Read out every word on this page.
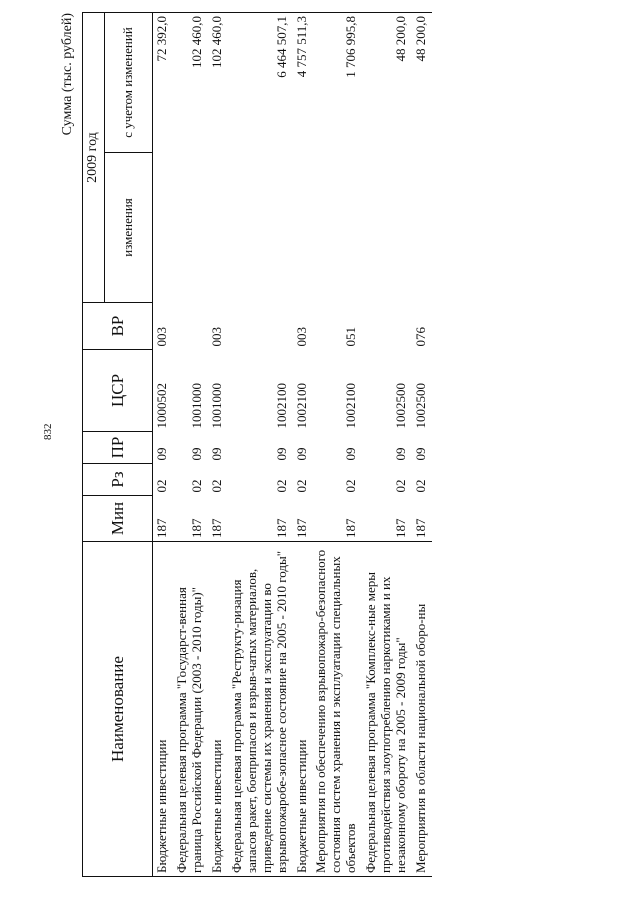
832
Сумма (тыс. рублей)
Наименование	Мин	Рз	ПР	ЦСР	ВР	2009 год	
						изменения	с учетом изменений
Бюджетные инвестиции	187	02	09	1000502	003		72 392,0
Федеральная целевая программа "Государст-венная граница Российской Федерации (2003 - 2010 годы)"	187	02	09	1001000			102 460,0
Бюджетные инвестиции	187	02	09	1001000	003		102 460,0
Федеральная целевая программа "Реструкту-ризация запасов ракет, боеприпасов и взрыв-чатых материалов, приведение системы их хранения и эксплуатации во взрывопожаробе-зопасное состояние на 2005 - 2010 годы"	187	02	09	1002100			6 464 507,1
Бюджетные инвестиции	187	02	09	1002100	003		4 757 511,3
Мероприятия по обеспечению взрывопожаро-безопасного состояния систем хранения и эксплуатации специальных объектов	187	02	09	1002100	051		1 706 995,8
Федеральная целевая программа "Комплекс-ные меры противодействия злоупотреблению наркотиками и их незаконному обороту на 2005 - 2009 годы"	187	02	09	1002500			48 200,0
Мероприятия в области национальной оборо-ны	187	02	09	1002500	076		48 200,0
